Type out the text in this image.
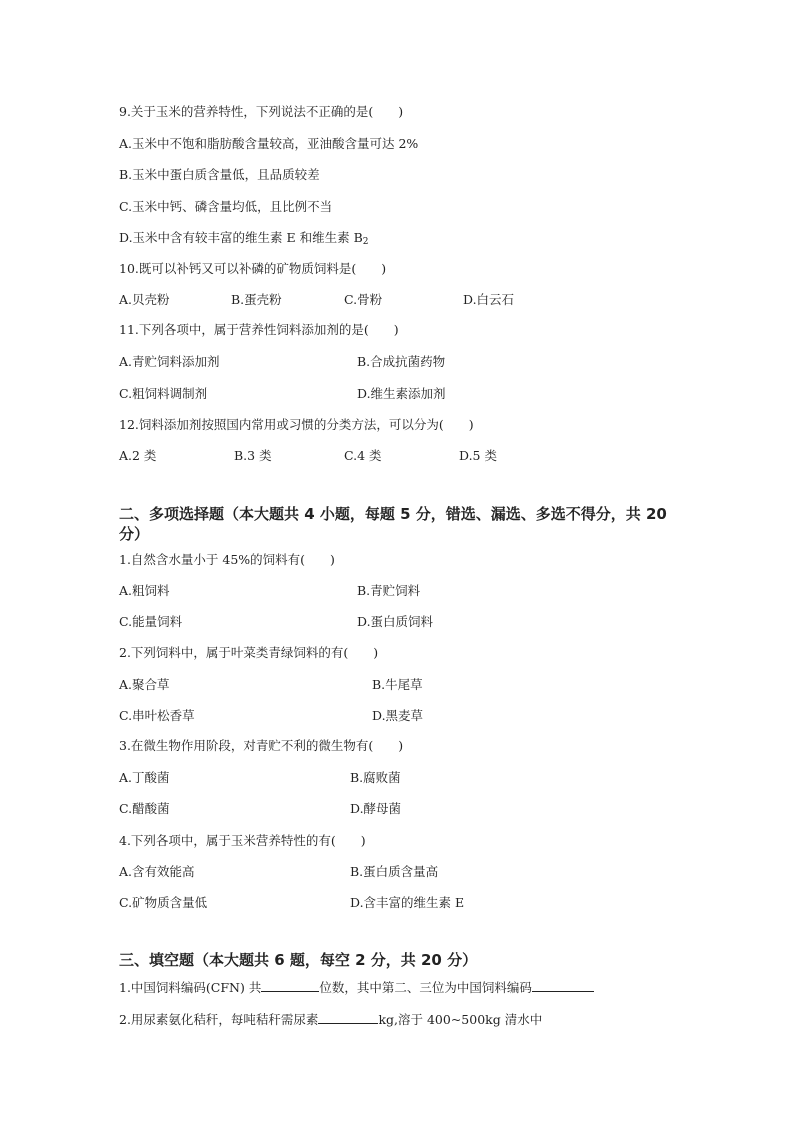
9.关于玉米的营养特性，下列说法不正确的是(　　)
A.玉米中不饱和脂肪酸含量较高，亚油酸含量可达 2%
B.玉米中蛋白质含量低，且品质较差
C.玉米中钙、磷含量均低，且比例不当
D.玉米中含有较丰富的维生素 E 和维生素 $B_2$
10.既可以补钙又可以补磷的矿物质饲料是(　　)
A.贝壳粉	B.蛋壳粉	C.骨粉	D.白云石
11.下列各项中，属于营养性饲料添加剂的是(　　)
A.青贮饲料添加剂	B.合成抗菌药物
C.粗饲料调制剂	D.维生素添加剂
12.饲料添加剂按照国内常用或习惯的分类方法，可以分为(　　)
A.2 类	B.3 类	C.4 类	D.5 类
二、多项选择题（本大题共 4 小题，每题 5 分，错选、漏选、多选不得分，共 20 分）
1.自然含水量小于 45%的饲料有(　　)
A.粗饲料	B.青贮饲料
C.能量饲料	D.蛋白质饲料
2.下列饲料中，属于叶菜类青绿饲料的有(　　)
A.聚合草	B.牛尾草
C.串叶松香草	D.黑麦草
3.在微生物作用阶段，对青贮不利的微生物有(　　)
A.丁酸菌	B.腐败菌
C.醋酸菌	D.酵母菌
4.下列各项中，属于玉米营养特性的有(　　)
A.含有效能高	B.蛋白质含量高
C.矿物质含量低	D.含丰富的维生素 E
三、填空题（本大题共 6 题，每空 2 分，共 20 分）
1.中国饲料编码(CFN) 共	位数，其中第二、三位为中国饲料编码
2.用尿素氨化秸秆，每吨秸秆需尿素	kg,溶于 400~500kg 清水中
